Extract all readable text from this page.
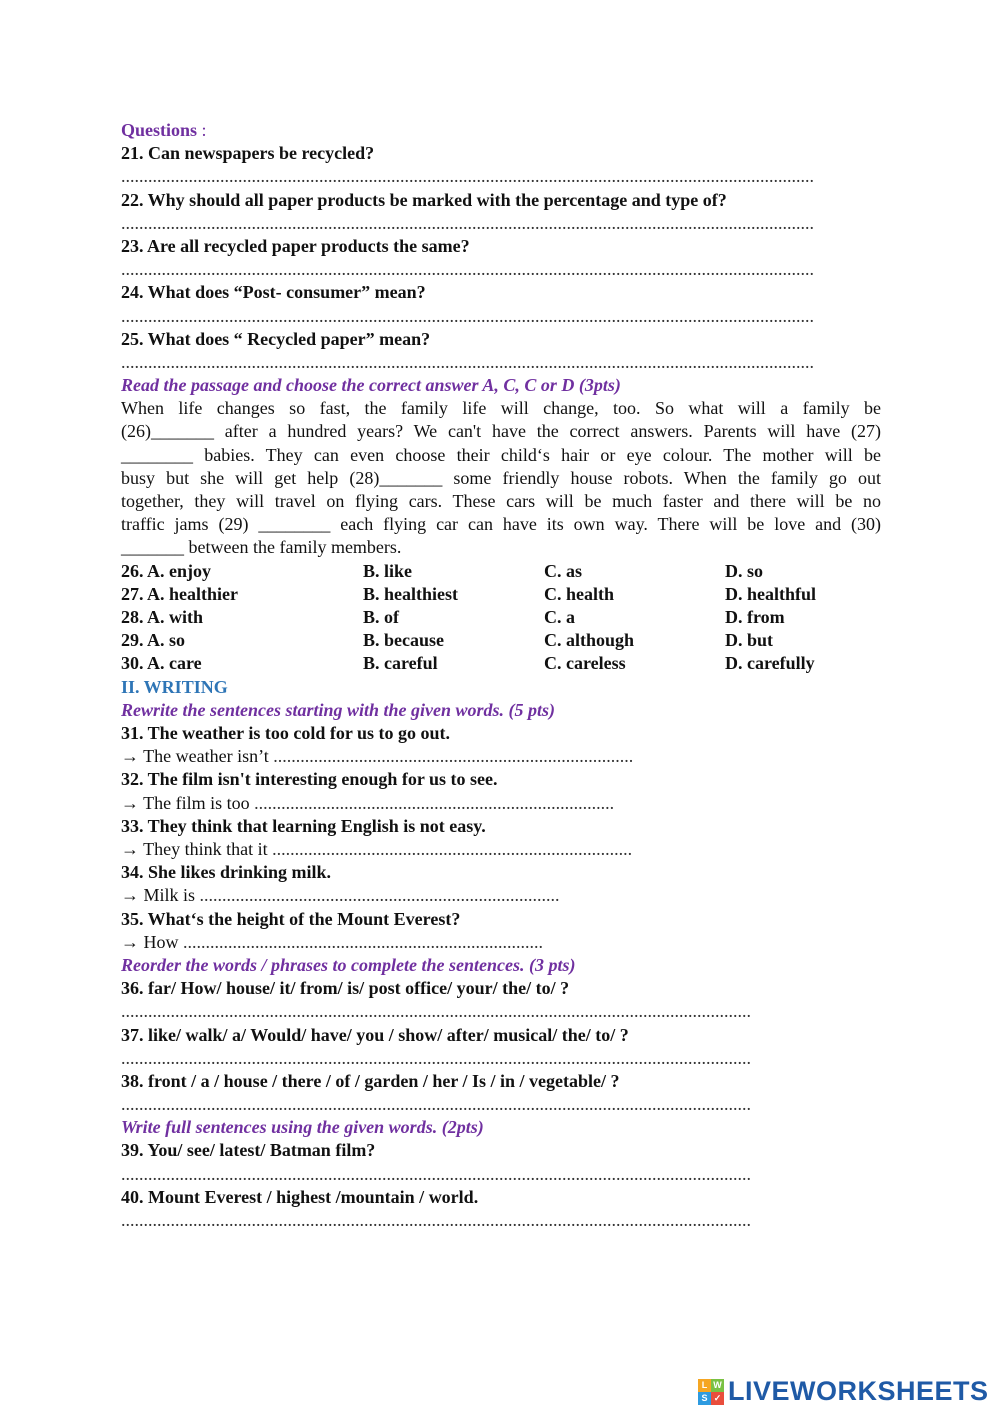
Questions :
21. Can newspapers be recycled?
..........................................................................................................................................................
22. Why should all paper products be marked with the percentage and type of?
..........................................................................................................................................................
23. Are all recycled paper products the same?
..........................................................................................................................................................
24. What does “Post- consumer” mean?
..........................................................................................................................................................
25. What does “ Recycled paper” mean?
..........................................................................................................................................................
Read the passage and choose the correct answer A, C, C or D (3pts)
When life changes so fast, the family life will change, too. So what will a family be
(26)_______ after a hundred years? We can't have the correct answers. Parents will have (27)
________ babies. They can even choose their child‘s hair or eye colour. The mother will be
busy but she will get help (28)_______ some friendly house robots. When the family go out
together, they will travel on flying cars. These cars will be much faster and there will be no
traffic jams (29) ________ each flying car can have its own way. There will be love and (30)
_______ between the family members.
26. A. enjoy	B. like	C. as	D. so
27. A. healthier	B. healthiest	C. health	D. healthful
28. A. with	B. of	C. a	D. from
29. A. so	B. because	C. although	D. but
30. A. care	B. careful	C. careless	D. carefully
II. WRITING
Rewrite the sentences starting with the given words. (5 pts)
31. The weather is too cold for us to go out.
→ The weather isn’t ................................................................................
32. The film isn't interesting enough for us to see.
→ The film is too ................................................................................
33. They think that learning English is not easy.
→ They think that it ................................................................................
34. She likes drinking milk.
→ Milk is ................................................................................
35. What‘s the height of the Mount Everest?
→ How ................................................................................
Reorder the words / phrases to complete the sentences. (3 pts)
36. far/ How/ house/ it/ from/ is/ post office/ your/ the/ to/ ?
............................................................................................................................................
37. like/ walk/ a/ Would/ have/ you / show/ after/ musical/ the/ to/ ?
............................................................................................................................................
38. front / a / house / there / of / garden / her / Is / in / vegetable/ ?
............................................................................................................................................
Write full sentences using the given words. (2pts)
39. You/ see/ latest/ Batman film?
............................................................................................................................................
40. Mount Everest / highest /mountain / world.
............................................................................................................................................
L W
S ✓ LIVEWORKSHEETS
